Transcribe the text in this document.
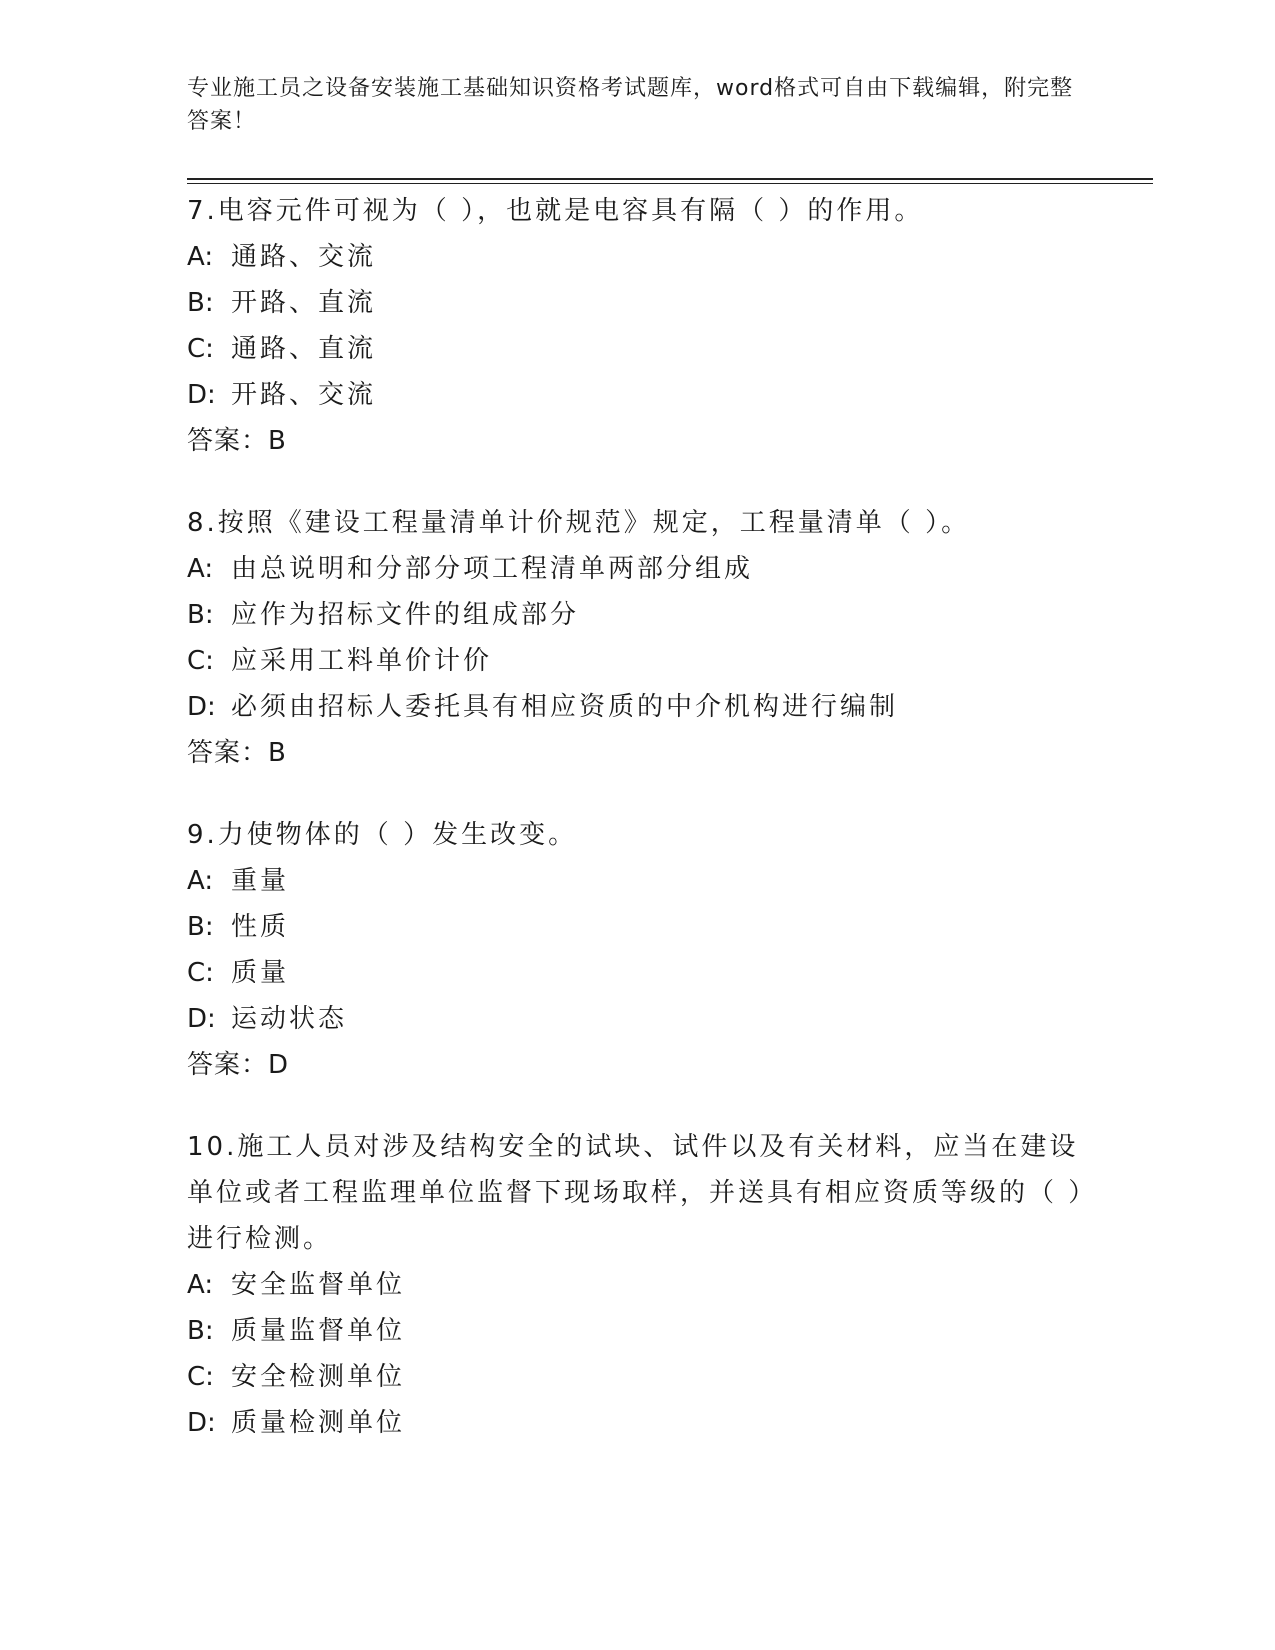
专业施工员之设备安装施工基础知识资格考试题库，word格式可自由下载编辑，附完整答案！

7.电容元件可视为（ ），也就是电容具有隔（ ）的作用。

A: 通路、交流

B: 开路、直流

C: 通路、直流

D: 开路、交流

答案：B

8.按照《建设工程量清单计价规范》规定，工程量清单（ ）。

A: 由总说明和分部分项工程清单两部分组成

B: 应作为招标文件的组成部分

C: 应采用工料单价计价

D: 必须由招标人委托具有相应资质的中介机构进行编制

答案：B

9.力使物体的（ ）发生改变。

A: 重量

B: 性质

C: 质量

D: 运动状态

答案：D

10.施工人员对涉及结构安全的试块、试件以及有关材料，应当在建设单位或者工程监理单位监督下现场取样，并送具有相应资质等级的（ ）进行检测。

A: 安全监督单位

B: 质量监督单位

C: 安全检测单位

D: 质量检测单位
